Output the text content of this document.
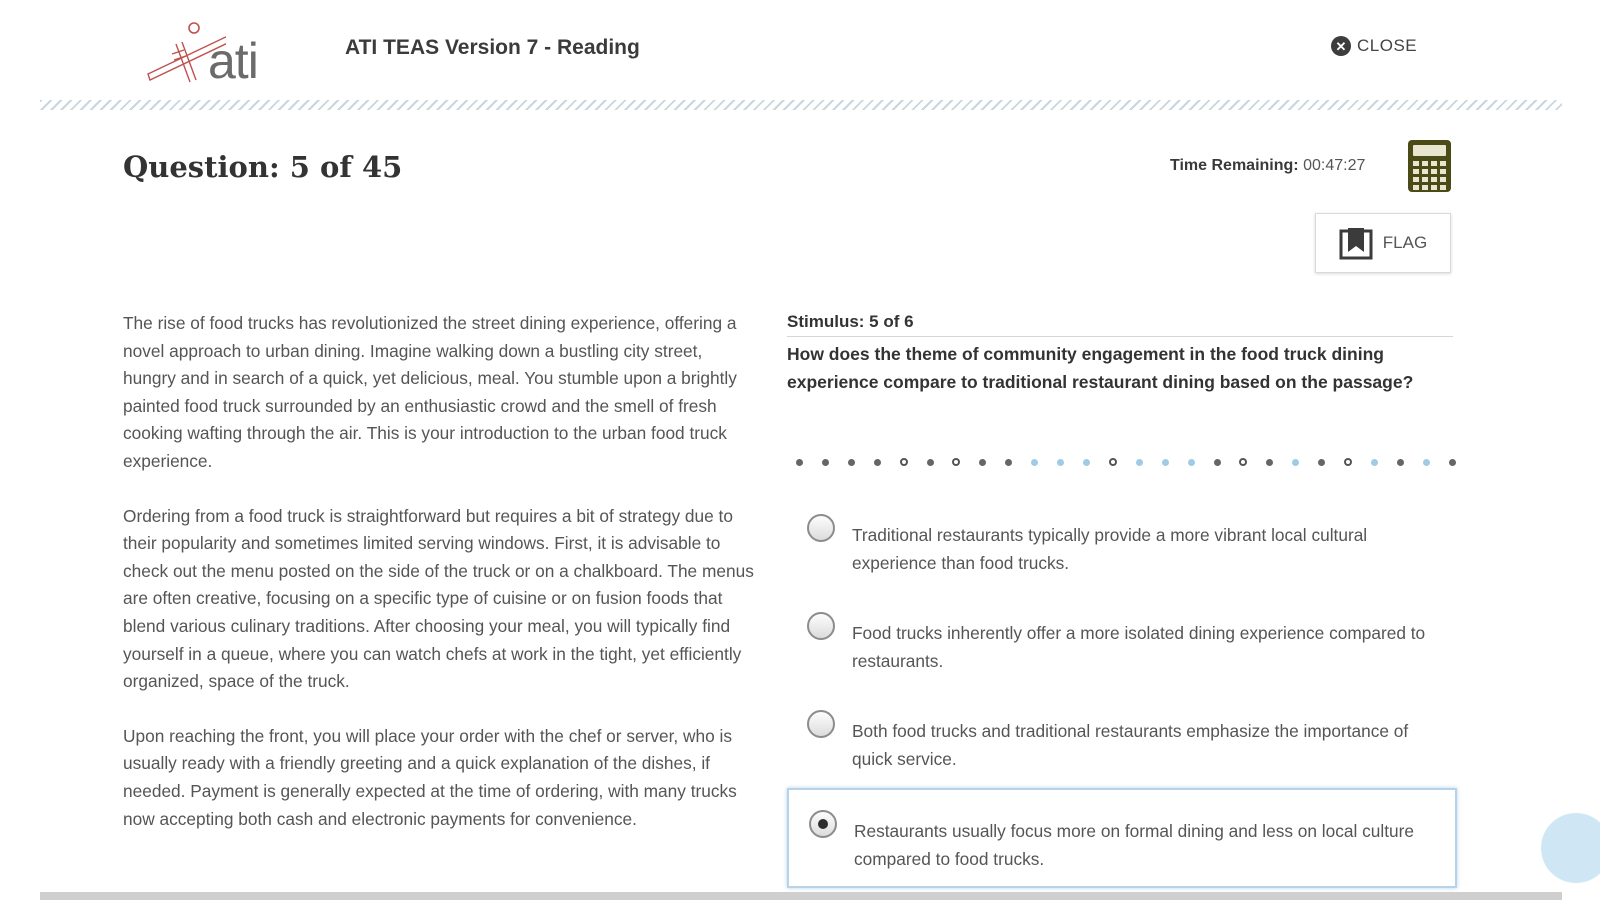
ati	ATI TEAS Version 7 - Reading	✕ CLOSE
Question: 5 of 45	Time Remaining: 00:47:27
FLAG

The rise of food trucks has revolutionized the street dining experience, offering a novel approach to urban dining. Imagine walking down a bustling city street, hungry and in search of a quick, yet delicious, meal. You stumble upon a brightly painted food truck surrounded by an enthusiastic crowd and the smell of fresh cooking wafting through the air. This is your introduction to the urban food truck experience.

Ordering from a food truck is straightforward but requires a bit of strategy due to their popularity and sometimes limited serving windows. First, it is advisable to check out the menu posted on the side of the truck or on a chalkboard. The menus are often creative, focusing on a specific type of cuisine or on fusion foods that blend various culinary traditions. After choosing your meal, you will typically find yourself in a queue, where you can watch chefs at work in the tight, yet efficiently organized, space of the truck.

Upon reaching the front, you will place your order with the chef or server, who is usually ready with a friendly greeting and a quick explanation of the dishes, if needed. Payment is generally expected at the time of ordering, with many trucks now accepting both cash and electronic payments for convenience.

Stimulus: 5 of 6
How does the theme of community engagement in the food truck dining experience compare to traditional restaurant dining based on the passage?
Traditional restaurants typically provide a more vibrant local cultural experience than food trucks.
Food trucks inherently offer a more isolated dining experience compared to restaurants.
Both food trucks and traditional restaurants emphasize the importance of quick service.
Restaurants usually focus more on formal dining and less on local culture compared to food trucks.
